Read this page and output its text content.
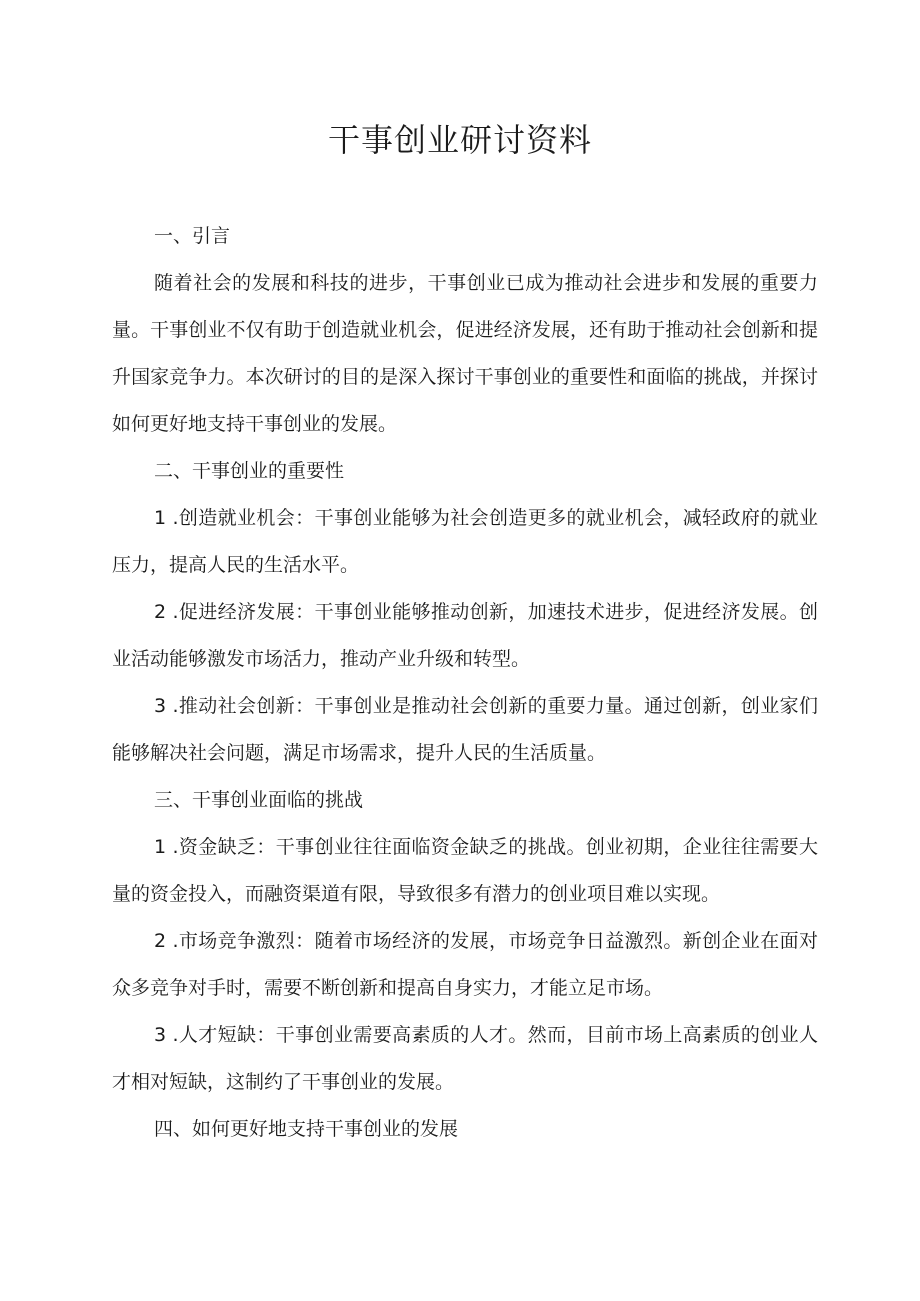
干事创业研讨资料

一、引言

随着社会的发展和科技的进步，干事创业已成为推动社会进步和发展的重要力量。干事创业不仅有助于创造就业机会，促进经济发展，还有助于推动社会创新和提升国家竞争力。本次研讨的目的是深入探讨干事创业的重要性和面临的挑战，并探讨如何更好地支持干事创业的发展。

二、干事创业的重要性

1 .创造就业机会：干事创业能够为社会创造更多的就业机会，减轻政府的就业压力，提高人民的生活水平。

2 .促进经济发展：干事创业能够推动创新，加速技术进步，促进经济发展。创业活动能够激发市场活力，推动产业升级和转型。

3 .推动社会创新：干事创业是推动社会创新的重要力量。通过创新，创业家们能够解决社会问题，满足市场需求，提升人民的生活质量。

三、干事创业面临的挑战

1 .资金缺乏：干事创业往往面临资金缺乏的挑战。创业初期，企业往往需要大量的资金投入，而融资渠道有限，导致很多有潜力的创业项目难以实现。

2 .市场竞争激烈：随着市场经济的发展，市场竞争日益激烈。新创企业在面对众多竞争对手时，需要不断创新和提高自身实力，才能立足市场。

3 .人才短缺：干事创业需要高素质的人才。然而，目前市场上高素质的创业人才相对短缺，这制约了干事创业的发展。

四、如何更好地支持干事创业的发展
